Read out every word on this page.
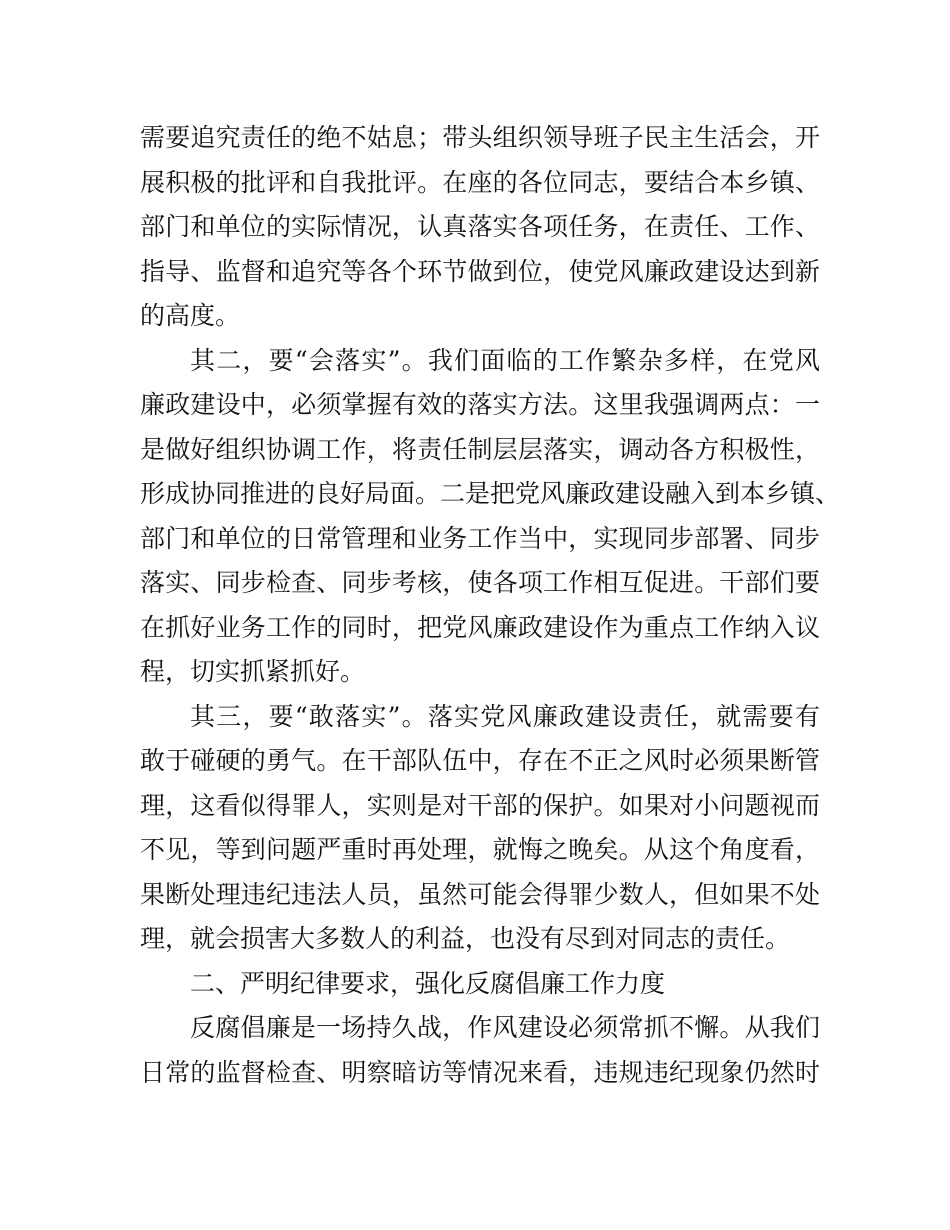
需要追究责任的绝不姑息；带头组织领导班子民主生活会，开
展积极的批评和自我批评。在座的各位同志，要结合本乡镇、
部门和单位的实际情况，认真落实各项任务，在责任、工作、
指导、监督和追究等各个环节做到位，使党风廉政建设达到新
的高度。
其二，要“会落实”。我们面临的工作繁杂多样，在党风
廉政建设中，必须掌握有效的落实方法。这里我强调两点：一
是做好组织协调工作，将责任制层层落实，调动各方积极性，
形成协同推进的良好局面。二是把党风廉政建设融入到本乡镇、
部门和单位的日常管理和业务工作当中，实现同步部署、同步
落实、同步检查、同步考核，使各项工作相互促进。干部们要
在抓好业务工作的同时，把党风廉政建设作为重点工作纳入议
程，切实抓紧抓好。
其三，要“敢落实”。落实党风廉政建设责任，就需要有
敢于碰硬的勇气。在干部队伍中，存在不正之风时必须果断管
理，这看似得罪人，实则是对干部的保护。如果对小问题视而
不见，等到问题严重时再处理，就悔之晚矣。从这个角度看，
果断处理违纪违法人员，虽然可能会得罪少数人，但如果不处
理，就会损害大多数人的利益，也没有尽到对同志的责任。
二、严明纪律要求，强化反腐倡廉工作力度
反腐倡廉是一场持久战，作风建设必须常抓不懈。从我们
日常的监督检查、明察暗访等情况来看，违规违纪现象仍然时
